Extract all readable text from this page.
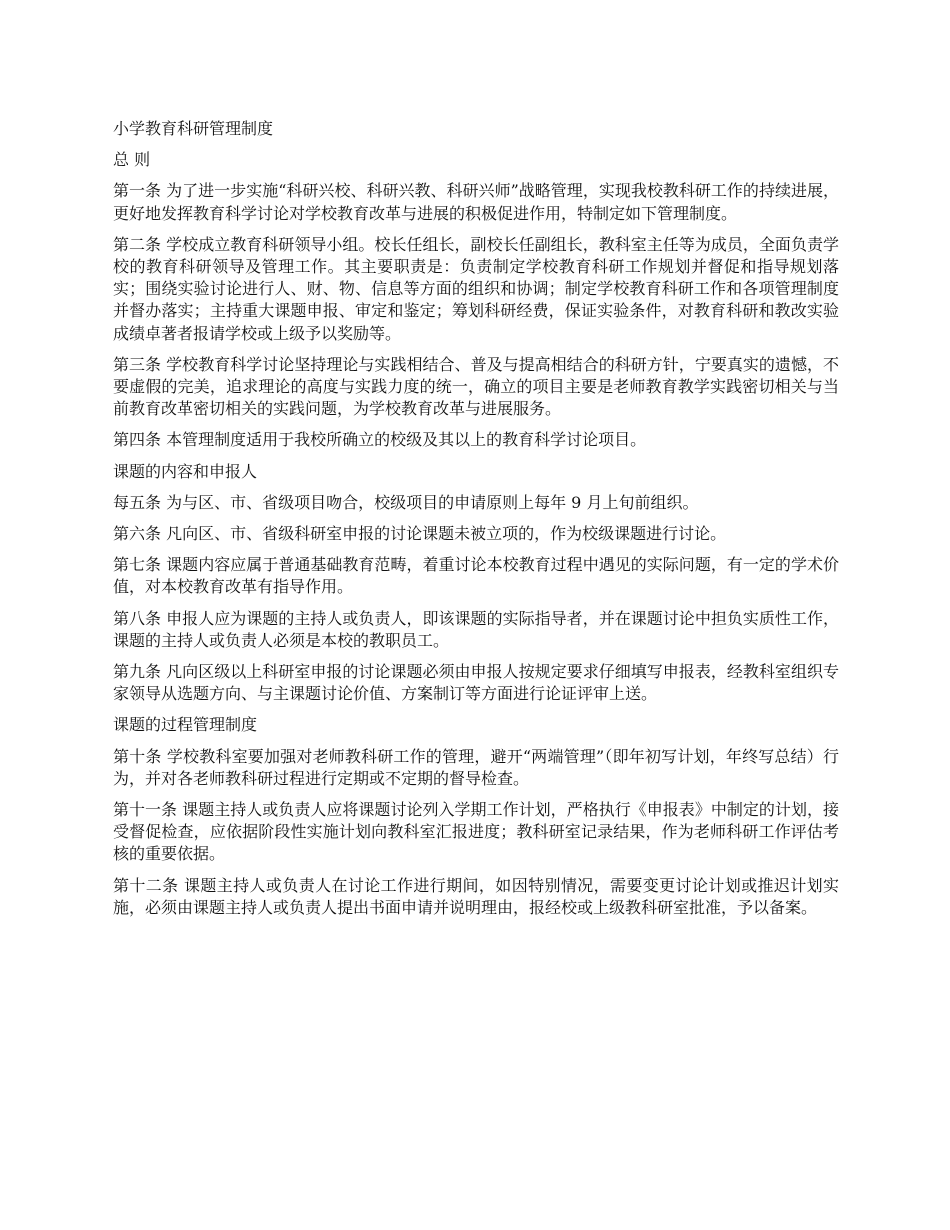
小学教育科研管理制度

总 则

第一条 为了进一步实施“科研兴校、科研兴教、科研兴师”战略管理，实现我校教科研工作的持续进展，更好地发挥教育科学讨论对学校教育改革与进展的积极促进作用，特制定如下管理制度。

第二条 学校成立教育科研领导小组。校长任组长，副校长任副组长，教科室主任等为成员，全面负责学校的教育科研领导及管理工作。其主要职责是：负责制定学校教育科研工作规划并督促和指导规划落实；围绕实验讨论进行人、财、物、信息等方面的组织和协调；制定学校教育科研工作和各项管理制度并督办落实；主持重大课题申报、审定和鉴定；筹划科研经费，保证实验条件，对教育科研和教改实验成绩卓著者报请学校或上级予以奖励等。

第三条 学校教育科学讨论坚持理论与实践相结合、普及与提高相结合的科研方针，宁要真实的遗憾，不要虚假的完美，追求理论的高度与实践力度的统一，确立的项目主要是老师教育教学实践密切相关与当前教育改革密切相关的实践问题，为学校教育改革与进展服务。

第四条 本管理制度适用于我校所确立的校级及其以上的教育科学讨论项目。

课题的内容和申报人

每五条 为与区、市、省级项目吻合，校级项目的申请原则上每年 9 月上旬前组织。

第六条 凡向区、市、省级科研室申报的讨论课题未被立项的，作为校级课题进行讨论。

第七条 课题内容应属于普通基础教育范畴，着重讨论本校教育过程中遇见的实际问题，有一定的学术价值，对本校教育改革有指导作用。

第八条 申报人应为课题的主持人或负责人，即该课题的实际指导者，并在课题讨论中担负实质性工作，课题的主持人或负责人必须是本校的教职员工。

第九条 凡向区级以上科研室申报的讨论课题必须由申报人按规定要求仔细填写申报表，经教科室组织专家领导从选题方向、与主课题讨论价值、方案制订等方面进行论证评审上送。

课题的过程管理制度

第十条 学校教科室要加强对老师教科研工作的管理，避开“两端管理”（即年初写计划，年终写总结）行为，并对各老师教科研过程进行定期或不定期的督导检查。

第十一条 课题主持人或负责人应将课题讨论列入学期工作计划，严格执行《申报表》中制定的计划，接受督促检查，应依据阶段性实施计划向教科室汇报进度；教科研室记录结果，作为老师科研工作评估考核的重要依据。

第十二条 课题主持人或负责人在讨论工作进行期间，如因特别情况，需要变更讨论计划或推迟计划实施，必须由课题主持人或负责人提出书面申请并说明理由，报经校或上级教科研室批准，予以备案。
